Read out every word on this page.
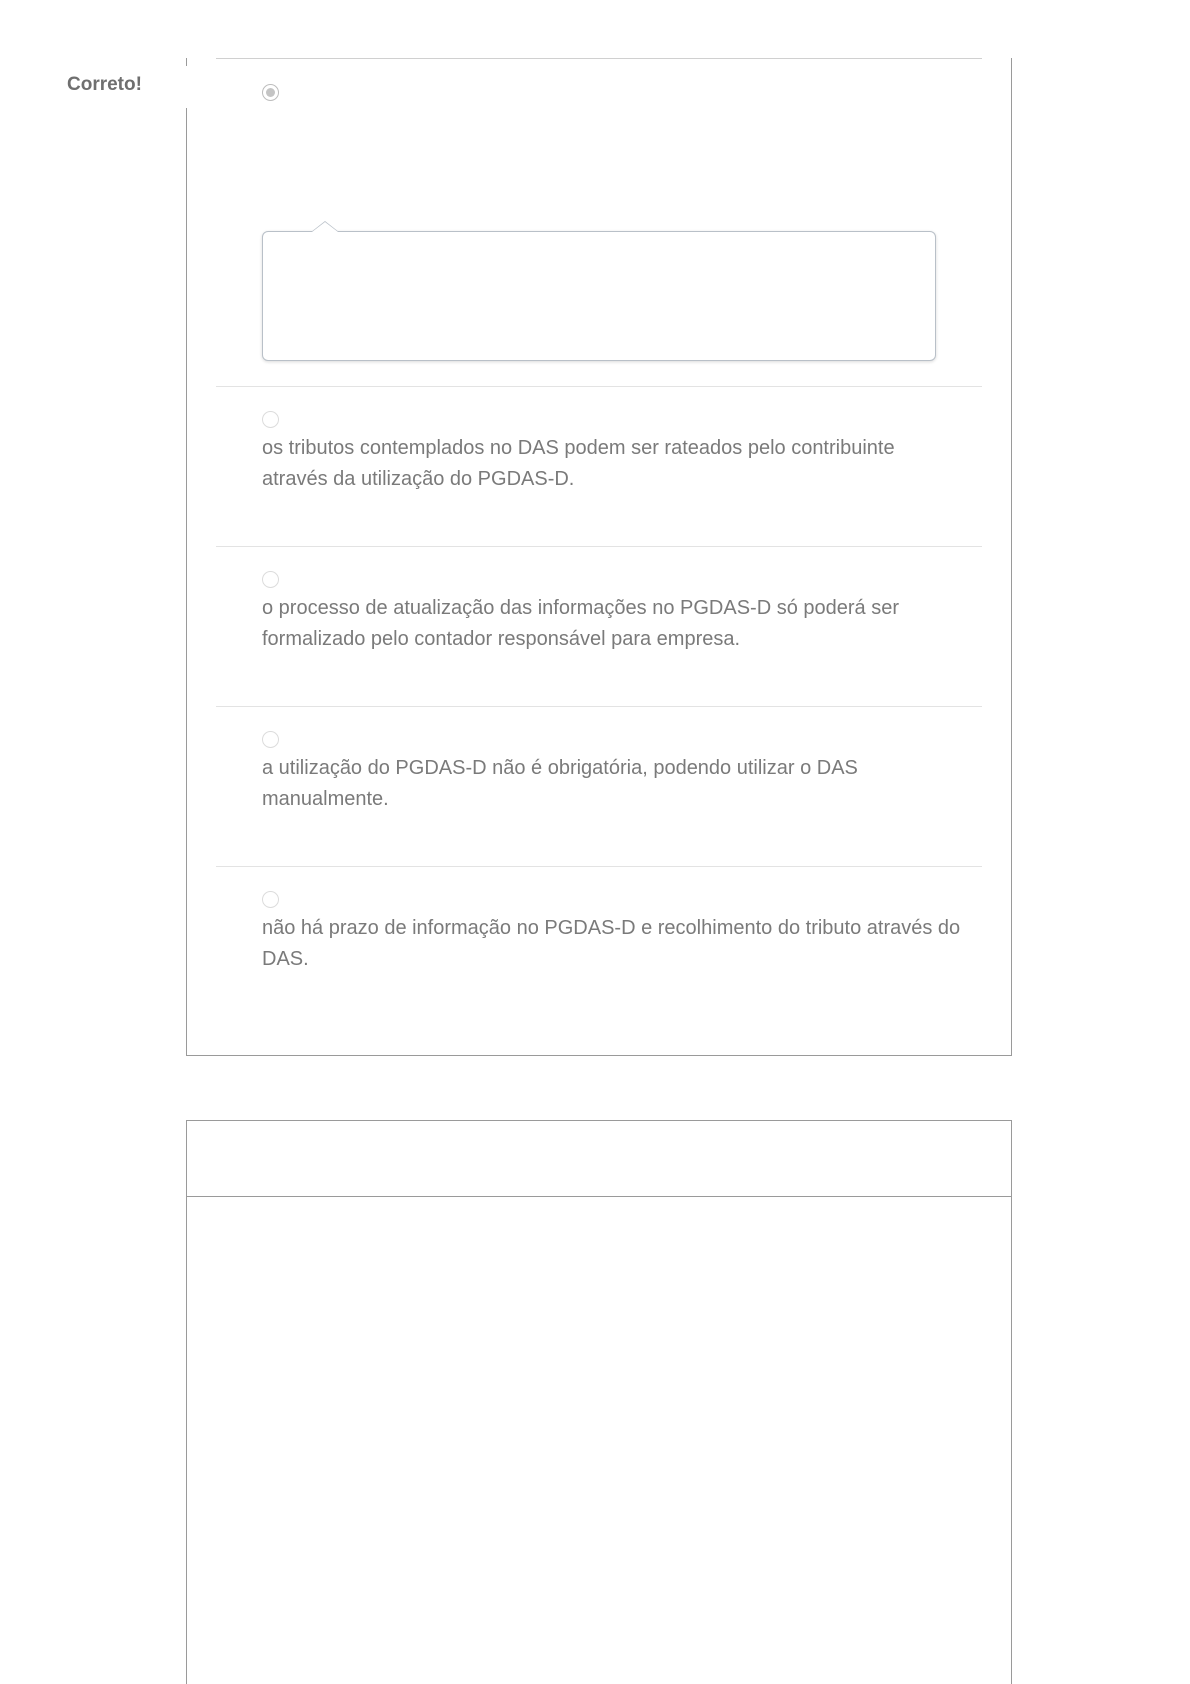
Correto!
os tributos contemplados no DAS podem ser rateados pelo contribuinte através da utilização do PGDAS-D.
o processo de atualização das informações no PGDAS-D só poderá ser formalizado pelo contador responsável para empresa.
a utilização do PGDAS-D não é obrigatória, podendo utilizar o DAS manualmente.
não há prazo de informação no PGDAS-D e recolhimento do tributo através do DAS.
